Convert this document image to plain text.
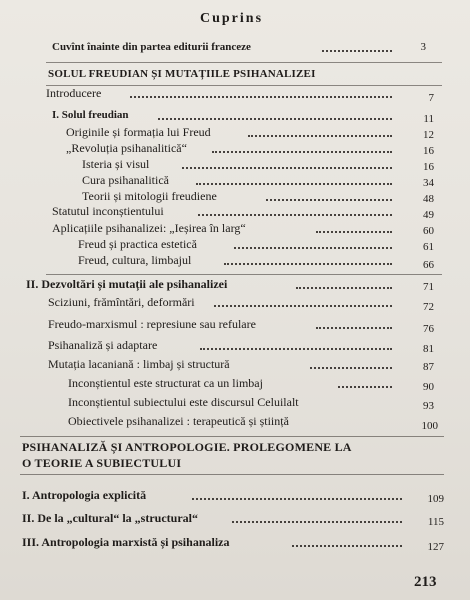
Cuprins
Cuvînt înainte din partea editurii franceze	3
SOLUL FREUDIAN ȘI MUTAȚIILE PSIHANALIZEI
Introducere	7
I. Solul freudian	11
Originile și formația lui Freud	12
„Revoluția psihanalitică“	16
Isteria și visul	16
Cura psihanalitică	34
Teorii și mitologii freudiene	48
Statutul inconștientului	49
Aplicațiile psihanalizei: „Ieșirea în larg“	60
Freud și practica estetică	61
Freud, cultura, limbajul	66
II. Dezvoltări și mutații ale psihanalizei	71
Sciziuni, frămîntări, deformări	72
Freudo-marxismul : represiune sau refulare	76
Psihanaliză și adaptare	81
Mutația lacaniană : limbaj și structură	87
Inconștientul este structurat ca un limbaj	90
Inconștientul subiectului este discursul Celuilalt	93
Obiectivele psihanalizei : terapeutică și știință	100
PSIHANALIZĂ ȘI ANTROPOLOGIE. PROLEGOMENE LA
O TEORIE A SUBIECTULUI
I. Antropologia explicită	109
II. De la „cultural“ la „structural“	115
III. Antropologia marxistă și psihanaliza	127
213
